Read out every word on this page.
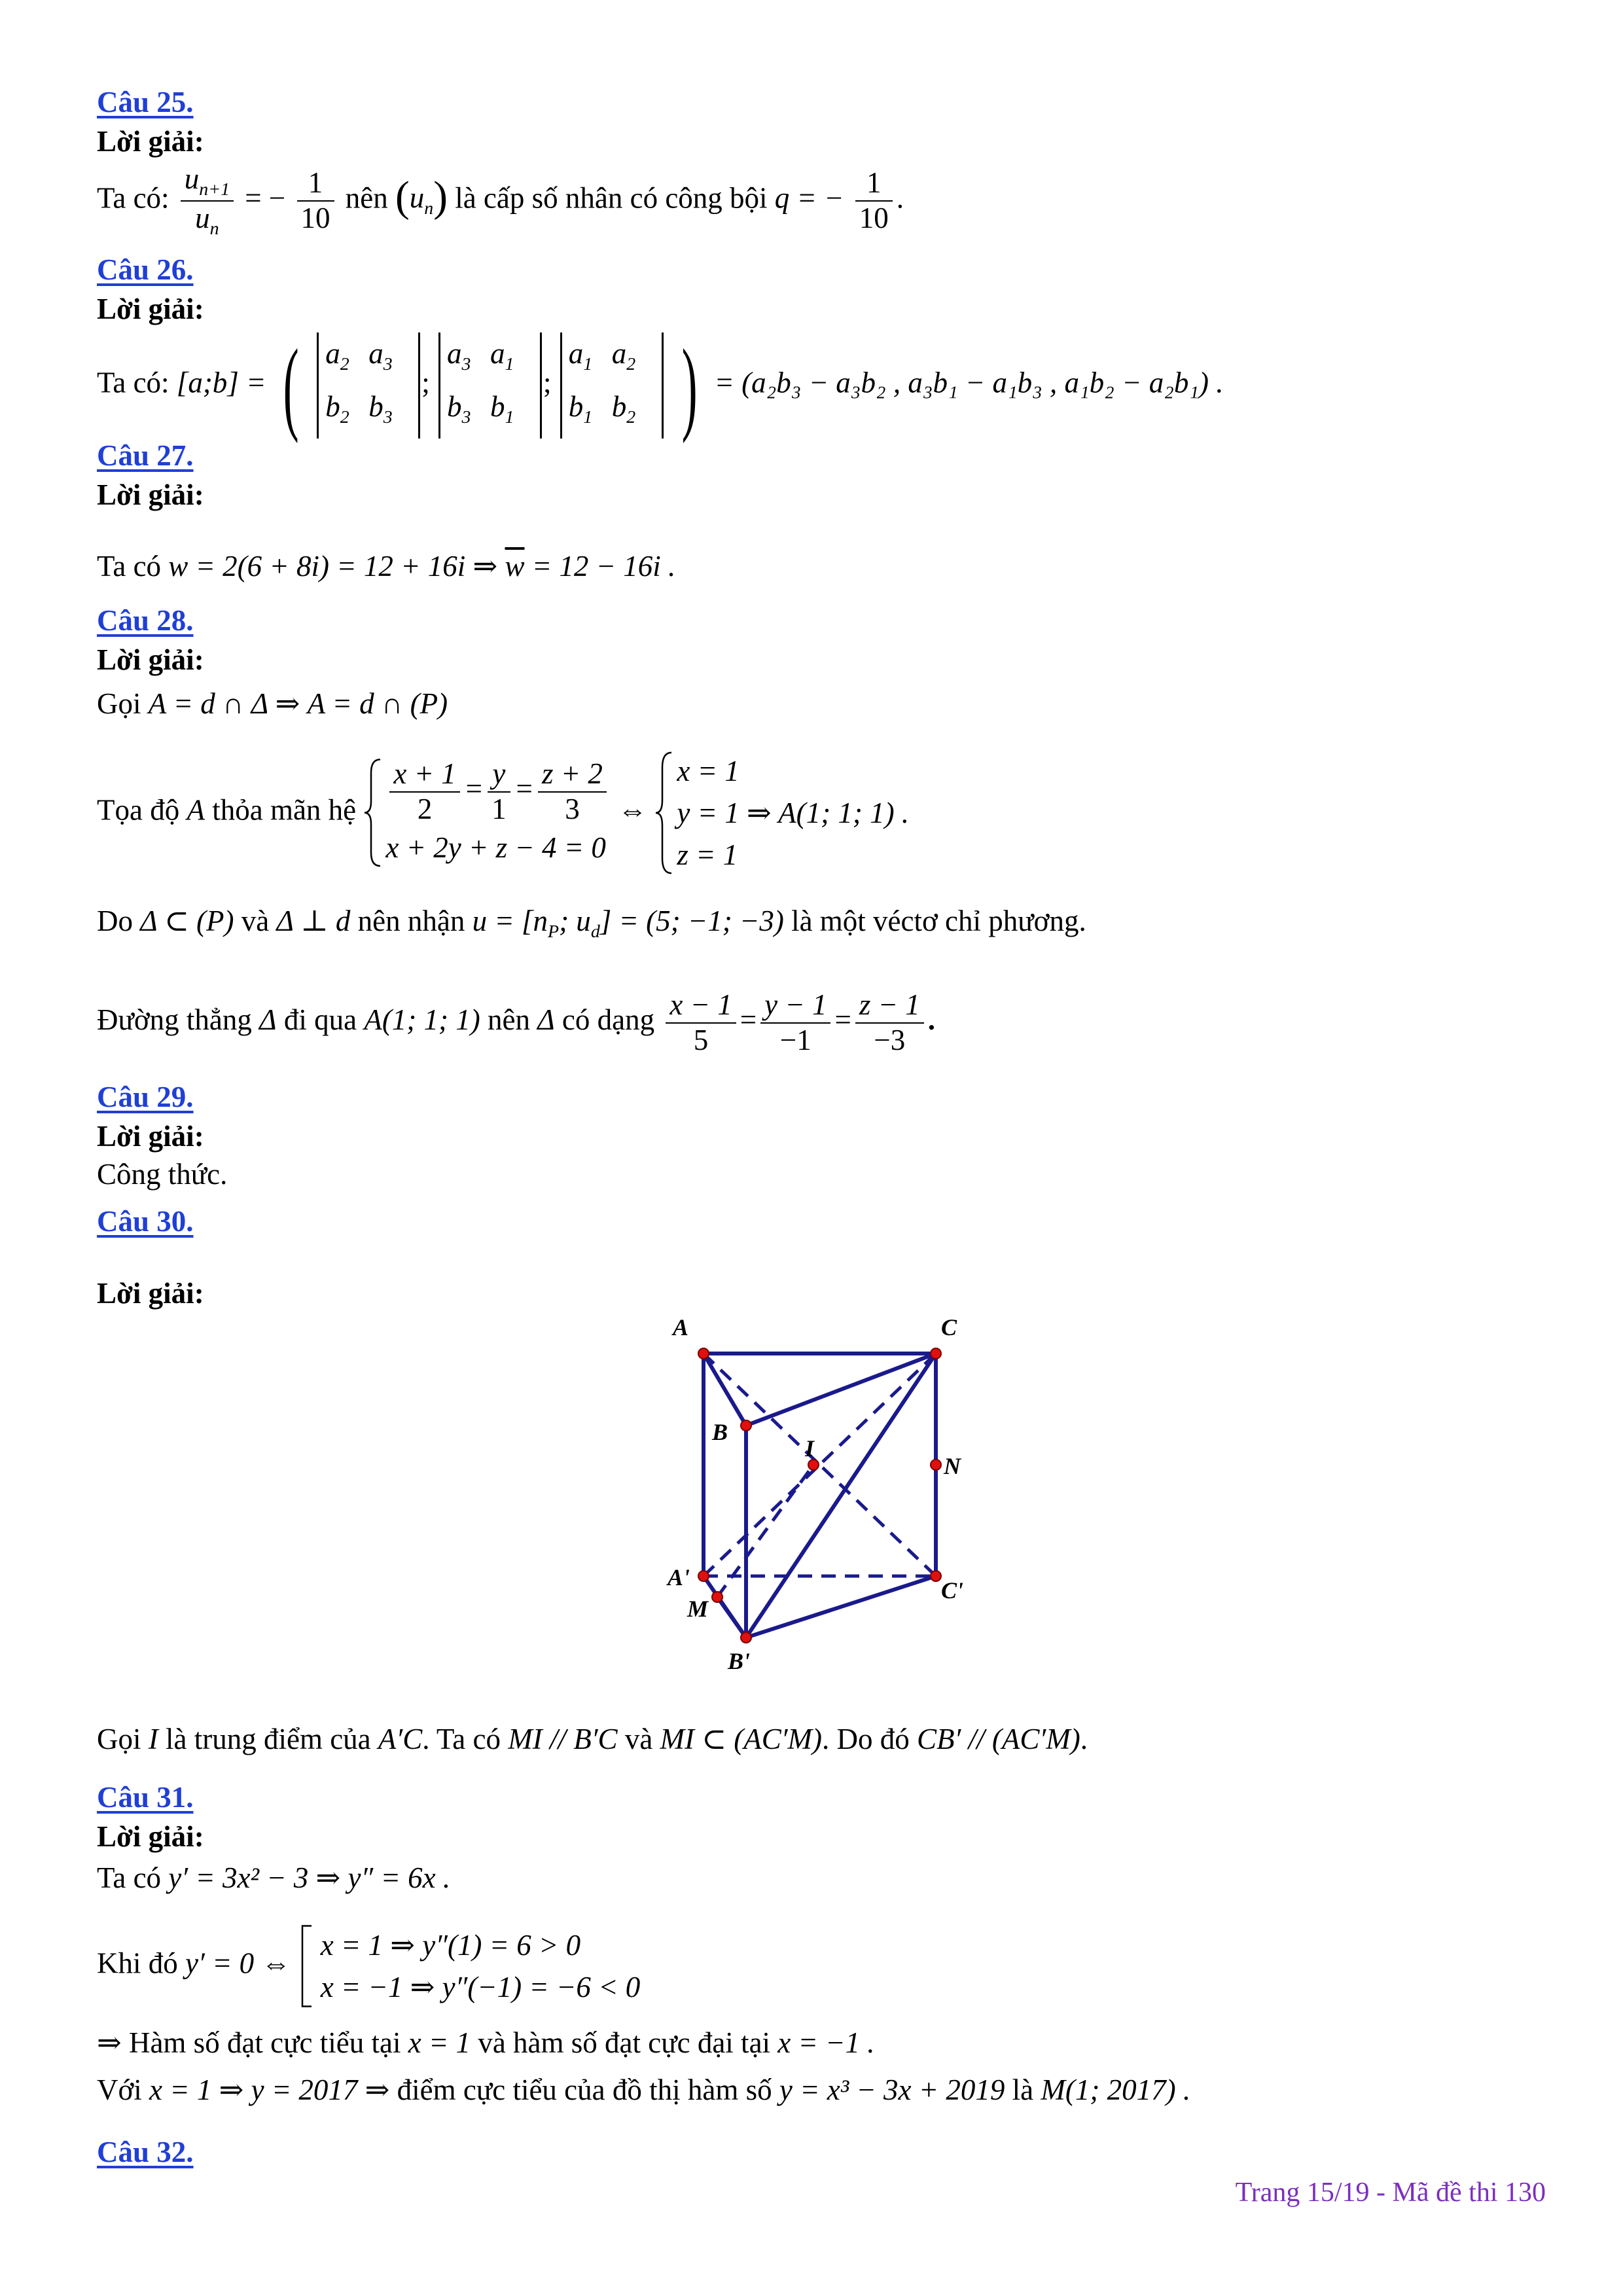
Câu 25.
Lời giải:
Ta có: $\frac{u_{n+1}}{u_n}$ = − $\frac{1}{10}$ nên $(u_n)$ là cấp số nhân có công bội q = − $\frac{1}{10}$ .
Câu 26.
Lời giải:
Ta có: [a;b] = ( $a_2$ $a_3$
$b_2$ $b_3$
;
$a_3$ $a_1$
$b_3$ $b_1$
;
$a_1$ $a_2$
$b_1$ $b_2$ ) = (a₂b₃ − a₃b₂ , a₃b₁ − a₁b₃ , a₁b₂ − a₂b₁) .
Câu 27.
Lời giải:
Ta có w = 2(6 + 8i) = 12 + 16i ⇒ $\overline{w} = 12 - 16i$ .
Câu 28.
Lời giải:
Gọi A = d ∩ Δ ⇒ A = d ∩ (P)
Tọa độ A thỏa mãn hệ $\frac{x + 1}{2} = \frac{y}{1} = \frac{z + 2}{3}$
x + 2y + z − 4 = 0
⇔
x = 1
y = 1 ⇒ A(1; 1; 1) .
z = 1
Do Δ ⊂ (P) và Δ ⊥ d nên nhận $u = [n_P$; $u_d] = (5$; −1; −3) là một véctơ chỉ phương.
Đường thẳng Δ đi qua A(1; 1; 1) nên Δ có dạng $\frac{x - 1}{5} = \frac{y - 1}{-1} = \frac{z - 1}{-3}$ .
Câu 29.
Lời giải:
Công thức.
Câu 30.
Lời giải:
A	C
B
I
N
A'	C'
M
B'
Gọi I là trung điểm của A′C. Ta có MI // B′C và MI ⊂ (AC′M). Do đó CB′ // (AC′M).
Câu 31.
Lời giải:
Ta có y′ = 3x² − 3 ⇒ y″ = 6x .
Khi đó y′ = 0 ⇔
x = 1 ⇒ y″(1) = 6 > 0
x = −1 ⇒ y″(−1) = −6 < 0
⇒ Hàm số đạt cực tiểu tại x = 1 và hàm số đạt cực đại tại x = −1 .
Với x = 1 ⇒ y = 2017 ⇒ điểm cực tiểu của đồ thị hàm số y = x³ − 3x + 2019 là M(1; 2017) .
Câu 32.
Trang 15/19 - Mã đề thi 130
